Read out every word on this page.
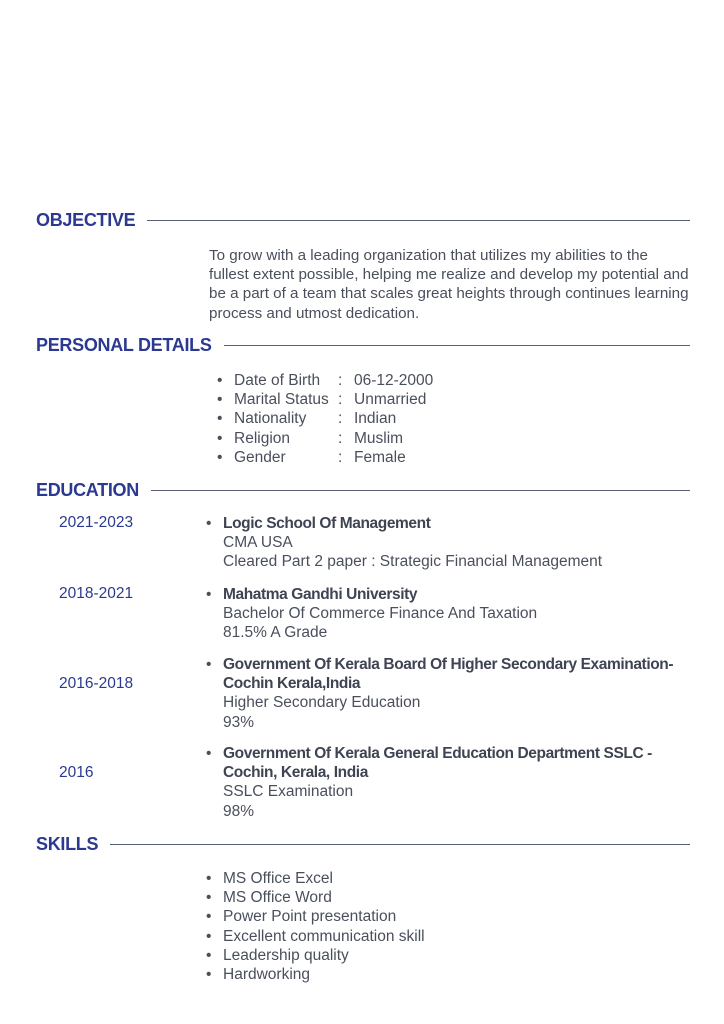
OBJECTIVE

To grow with a leading organization that utilizes my abilities to the fullest extent possible, helping me realize and develop my potential and be a part of a team that scales great heights through continues learning process and utmost dedication.

PERSONAL DETAILS
• Date of Birth : 06-12-2000
• Marital Status : Unmarried
• Nationality : Indian
• Religion	: Muslim
• Gender	: Female
EDUCATION
2021-2023	• Logic School Of Management
CMA USA
Cleared Part 2 paper : Strategic Financial Management
2018-2021	• Mahatma Gandhi University
Bachelor Of Commerce Finance And Taxation
81.5% A Grade
2016-2018
• Government Of Kerala Board Of Higher Secondary Examination-Cochin Kerala,India
Higher Secondary Education
93%
2016
• Government Of Kerala General Education Department SSLC - Cochin, Kerala, India
SSLC Examination
98%
SKILLS
• MS Office Excel
• MS Office Word
• Power Point presentation
• Excellent communication skill
• Leadership quality
• Hardworking
